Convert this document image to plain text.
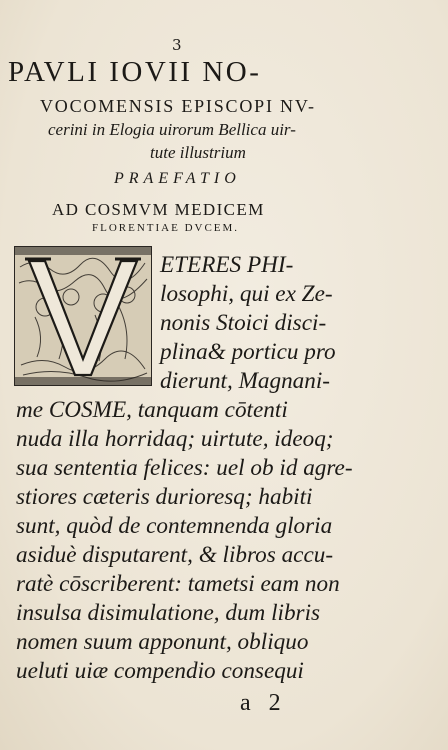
3
PAVLI IOVII NO-
VOCOMENSIS EPISCOPI NV-
cerini in Elogia uirorum Bellica uir-
tute illustrium
PRAEFATIO
AD COSMVM MEDICEM
FLORENTIAE DVCEM.
ETERES PHI-
losophi, qui ex Ze-
nonis Stoici disci-
plina& porticu pro
dierunt, Magnani-
me COSME, tanquam cōtenti
nuda illa horridaq; uirtute, ideoq;
sua sententia felices: uel ob id agre-
stiores cæteris durioresq; habiti
sunt, quòd de contemnenda gloria
asiduè disputarent, & libros accu-
ratè cōscriberent: tametsi eam non
insulsa disimulatione, dum libris
nomen suum apponunt, obliquo
ueluti uiæ compendio consequi
a 2
